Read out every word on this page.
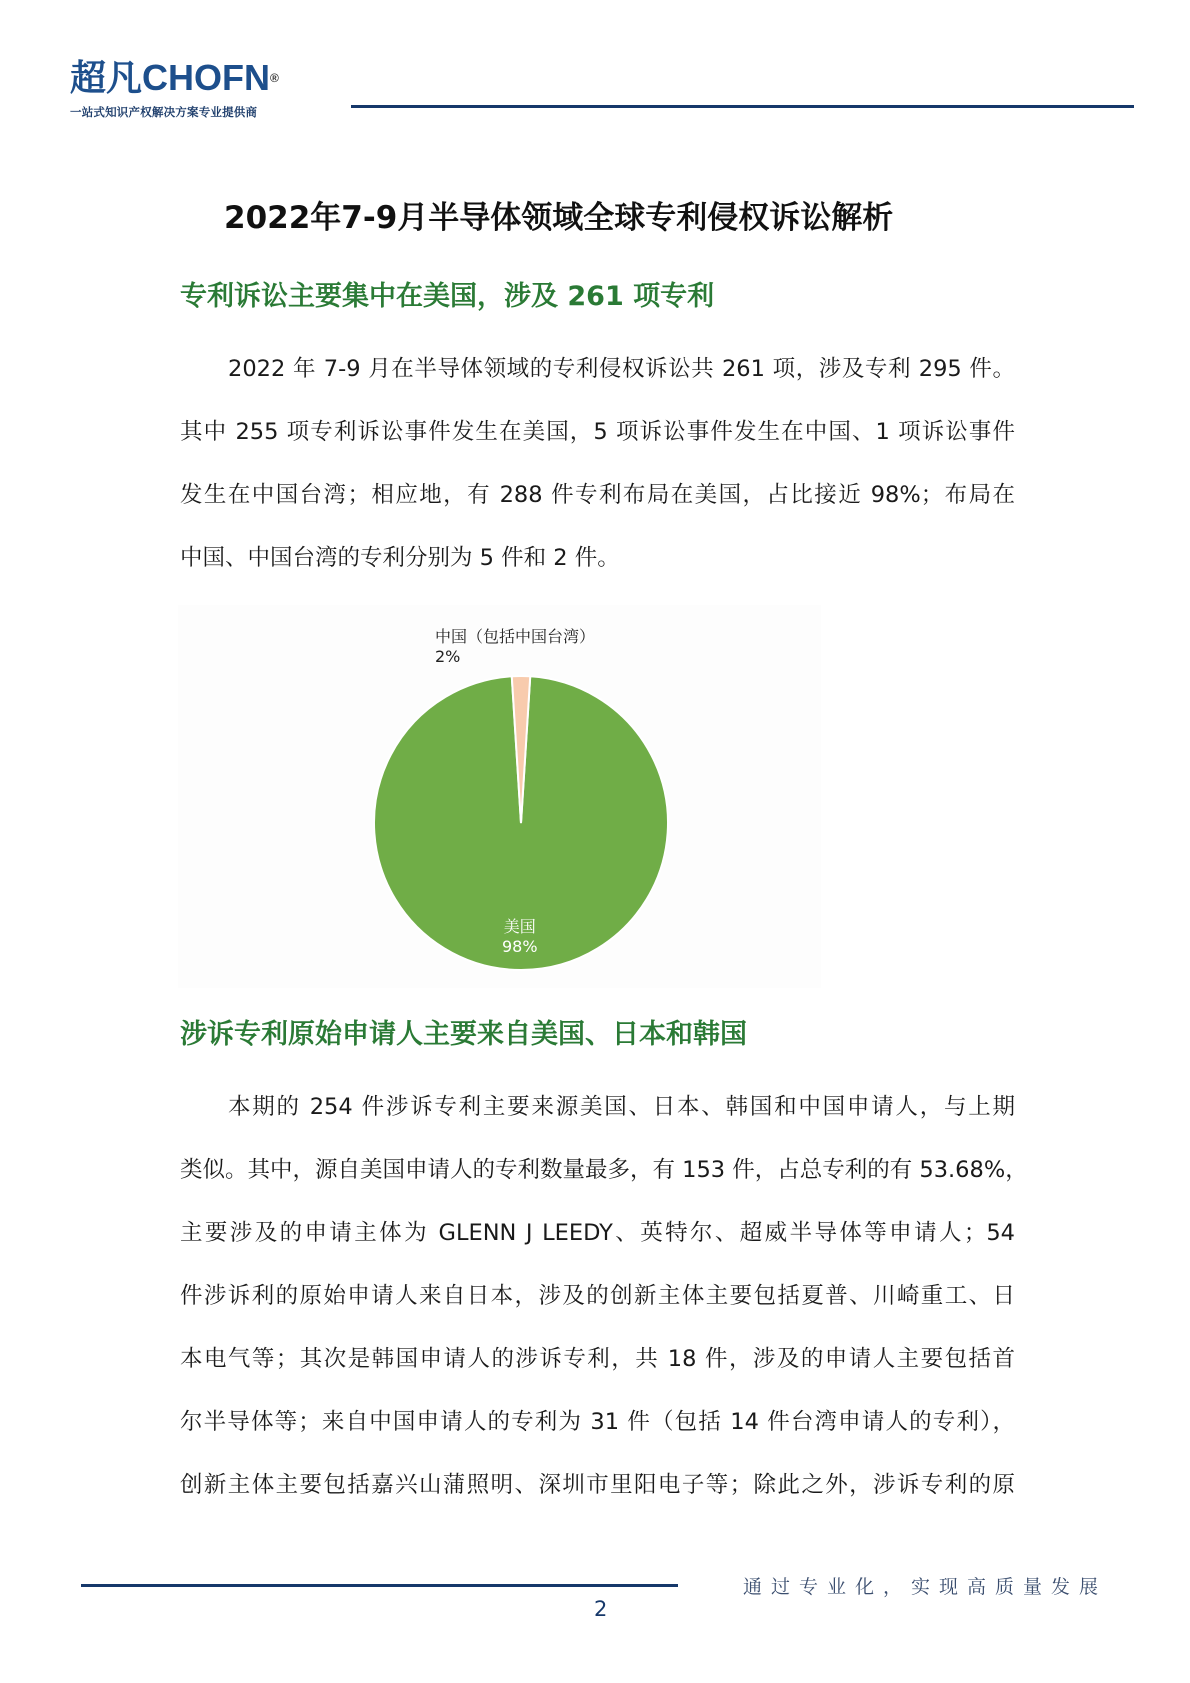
超凡CHOFN®
一站式知识产权解决方案专业提供商
2022年7-9月半导体领域全球专利侵权诉讼解析
专利诉讼主要集中在美国，涉及 261 项专利
2022 年 7-9 月在半导体领域的专利侵权诉讼共 261 项，涉及专利 295 件。
其中 255 项专利诉讼事件发生在美国，5 项诉讼事件发生在中国、1 项诉讼事件
发生在中国台湾；相应地，有 288 件专利布局在美国，占比接近 98%；布局在
中国、中国台湾的专利分别为 5 件和 2 件。
中国（包括中国台湾）
2%
美国
98%
涉诉专利原始申请人主要来自美国、日本和韩国
本期的 254 件涉诉专利主要来源美国、日本、韩国和中国申请人，与上期
类似。其中，源自美国申请人的专利数量最多，有 153 件，占总专利的有 53.68%，
主要涉及的申请主体为 GLENN J LEEDY、英特尔、超威半导体等申请人；54
件涉诉利的原始申请人来自日本，涉及的创新主体主要包括夏普、川崎重工、日
本电气等；其次是韩国申请人的涉诉专利，共 18 件，涉及的申请人主要包括首
尔半导体等；来自中国申请人的专利为 31 件（包括 14 件台湾申请人的专利），
创新主体主要包括嘉兴山蒲照明、深圳市里阳电子等；除此之外，涉诉专利的原
通过专业化，实现高质量发展
2
